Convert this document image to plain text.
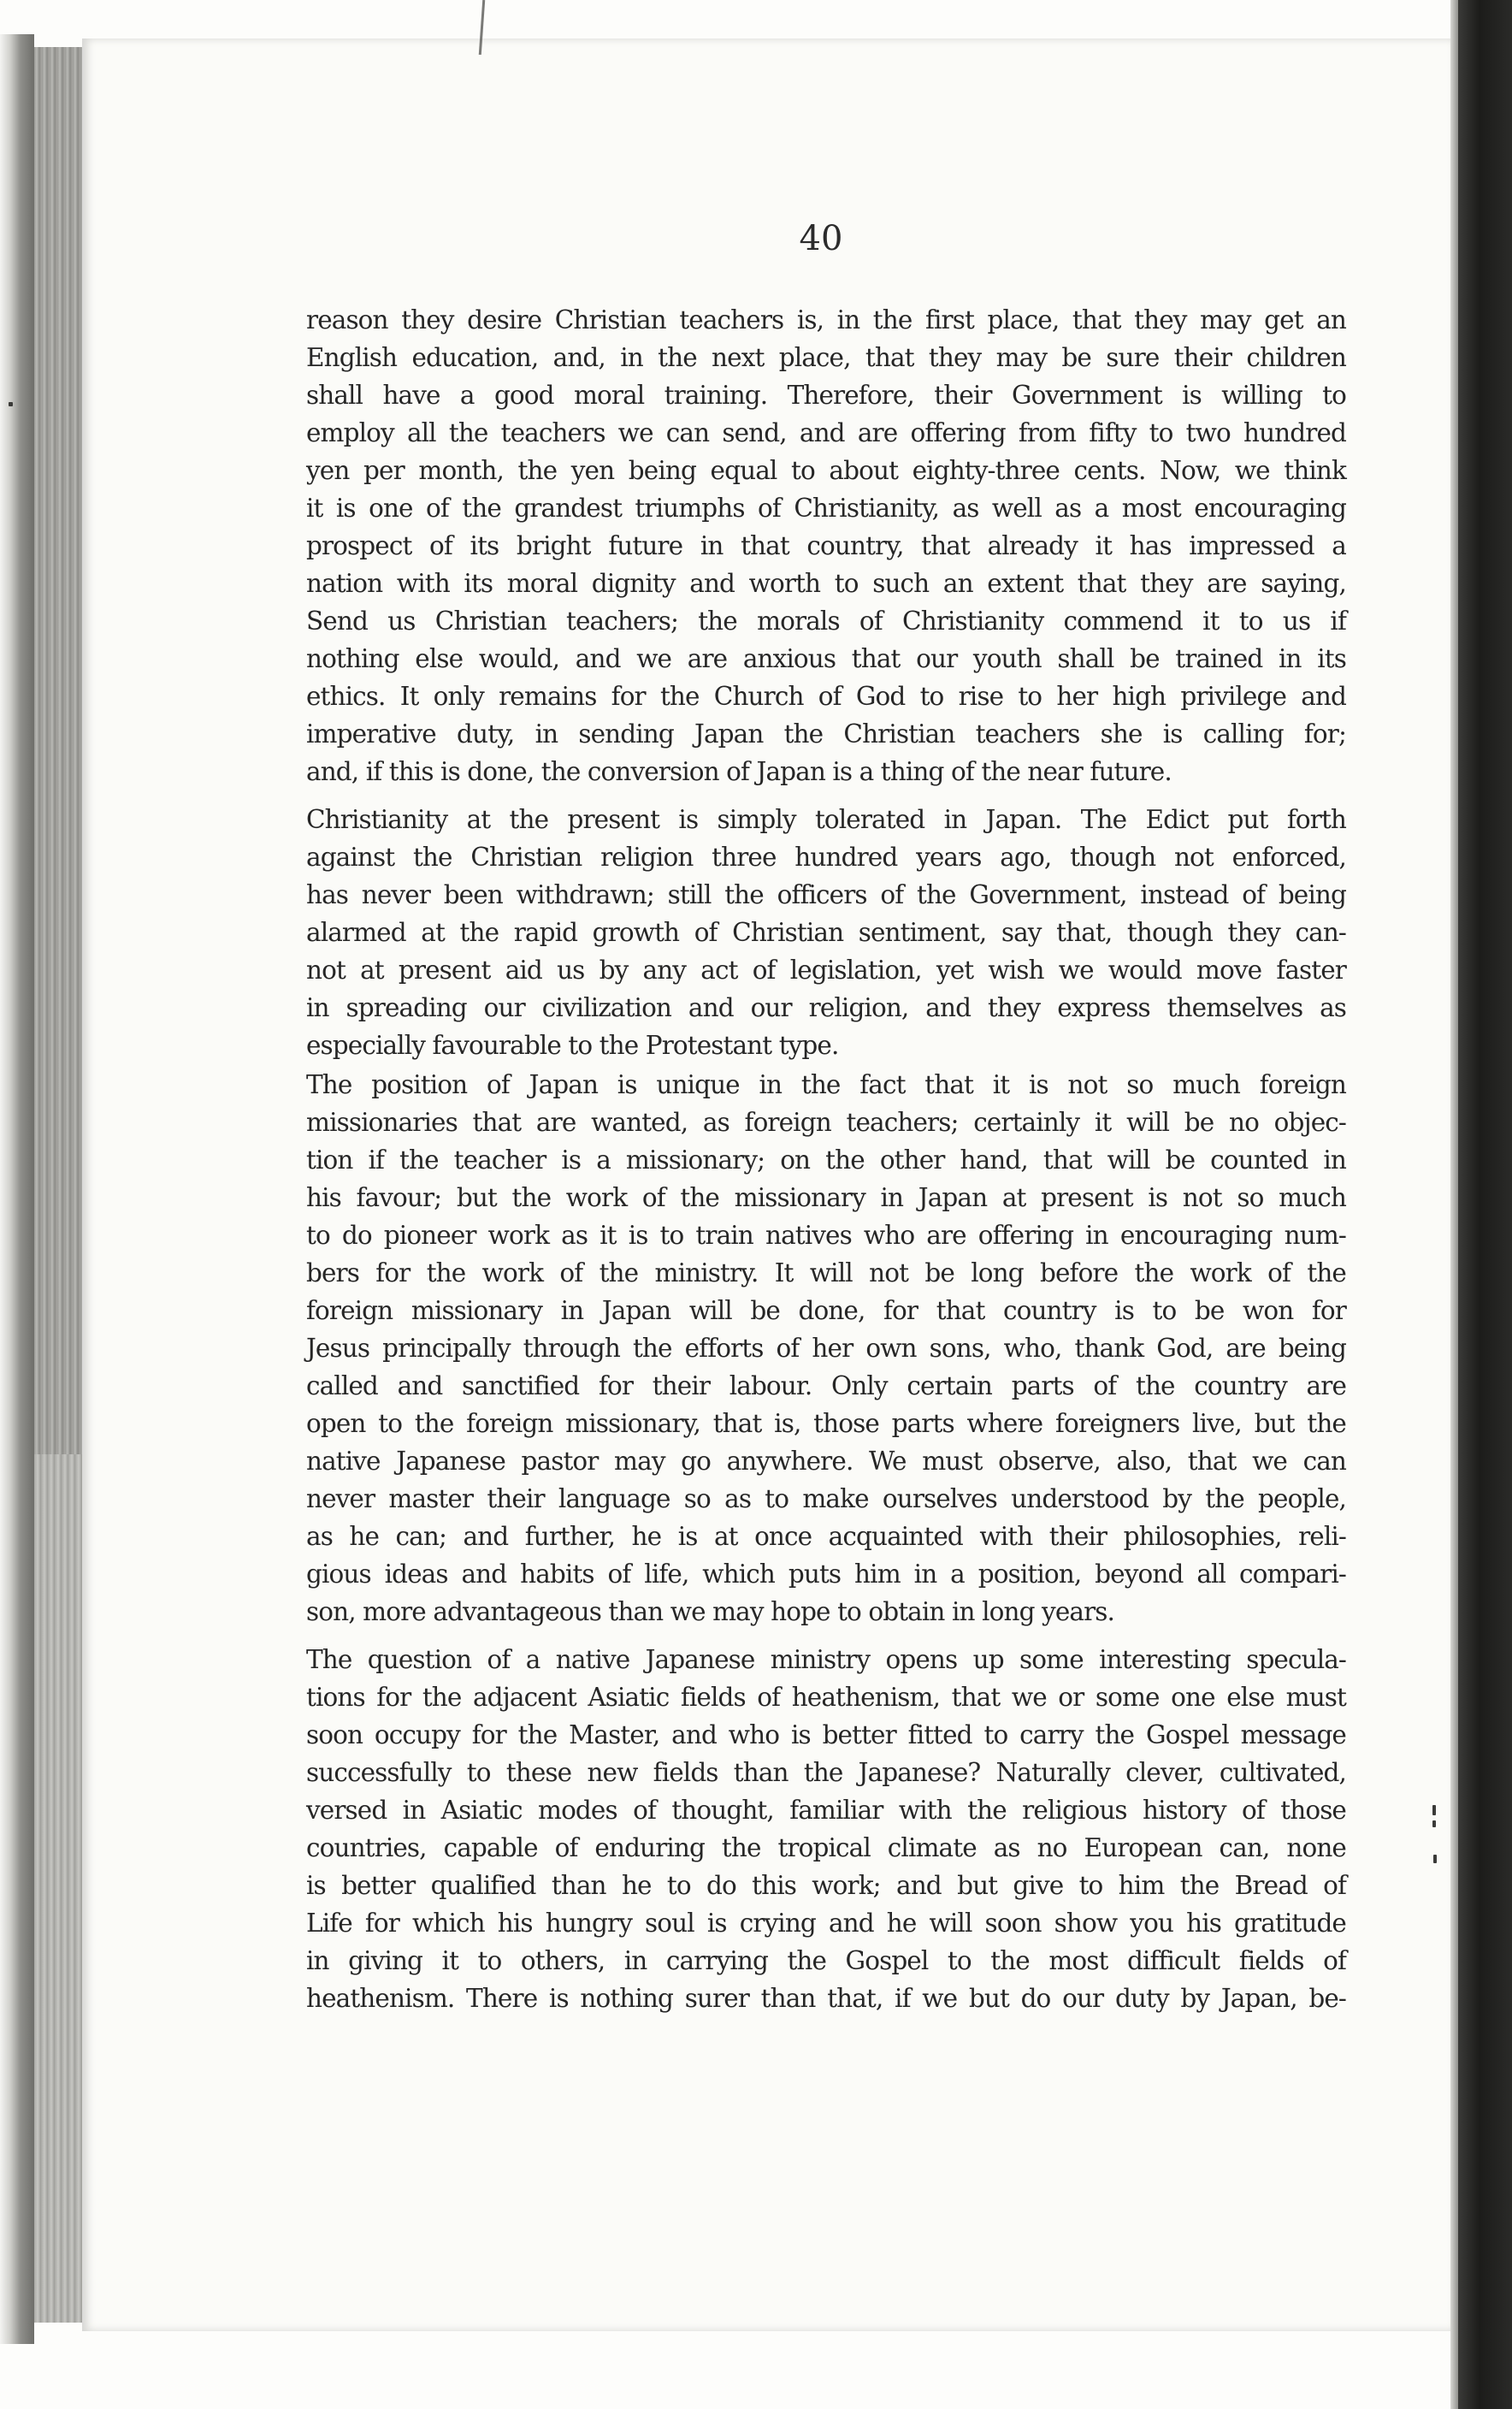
40
reason they desire Christian teachers is, in the first place, that they may get an
English education, and, in the next place, that they may be sure their children
shall have a good moral training. Therefore, their Government is willing to
employ all the teachers we can send, and are offering from fifty to two hundred
yen per month, the yen being equal to about eighty-three cents. Now, we think
it is one of the grandest triumphs of Christianity, as well as a most encouraging
prospect of its bright future in that country, that already it has impressed a
nation with its moral dignity and worth to such an extent that they are saying,
Send us Christian teachers; the morals of Christianity commend it to us if
nothing else would, and we are anxious that our youth shall be trained in its
ethics. It only remains for the Church of God to rise to her high privilege and
imperative duty, in sending Japan the Christian teachers she is calling for;
and, if this is done, the conversion of Japan is a thing of the near future.
Christianity at the present is simply tolerated in Japan. The Edict put forth
against the Christian religion three hundred years ago, though not enforced,
has never been withdrawn; still the officers of the Government, instead of being
alarmed at the rapid growth of Christian sentiment, say that, though they can-
not at present aid us by any act of legislation, yet wish we would move faster
in spreading our civilization and our religion, and they express themselves as
especially favourable to the Protestant type.
The position of Japan is unique in the fact that it is not so much foreign
missionaries that are wanted, as foreign teachers; certainly it will be no objec-
tion if the teacher is a missionary; on the other hand, that will be counted in
his favour; but the work of the missionary in Japan at present is not so much
to do pioneer work as it is to train natives who are offering in encouraging num-
bers for the work of the ministry. It will not be long before the work of the
foreign missionary in Japan will be done, for that country is to be won for
Jesus principally through the efforts of her own sons, who, thank God, are being
called and sanctified for their labour. Only certain parts of the country are
open to the foreign missionary, that is, those parts where foreigners live, but the
native Japanese pastor may go anywhere. We must observe, also, that we can
never master their language so as to make ourselves understood by the people,
as he can; and further, he is at once acquainted with their philosophies, reli-
gious ideas and habits of life, which puts him in a position, beyond all compari-
son, more advantageous than we may hope to obtain in long years.
The question of a native Japanese ministry opens up some interesting specula-
tions for the adjacent Asiatic fields of heathenism, that we or some one else must
soon occupy for the Master, and who is better fitted to carry the Gospel message
successfully to these new fields than the Japanese? Naturally clever, cultivated,
versed in Asiatic modes of thought, familiar with the religious history of those
countries, capable of enduring the tropical climate as no European can, none
is better qualified than he to do this work; and but give to him the Bread of
Life for which his hungry soul is crying and he will soon show you his gratitude
in giving it to others, in carrying the Gospel to the most difficult fields of
heathenism. There is nothing surer than that, if we but do our duty by Japan, be-
